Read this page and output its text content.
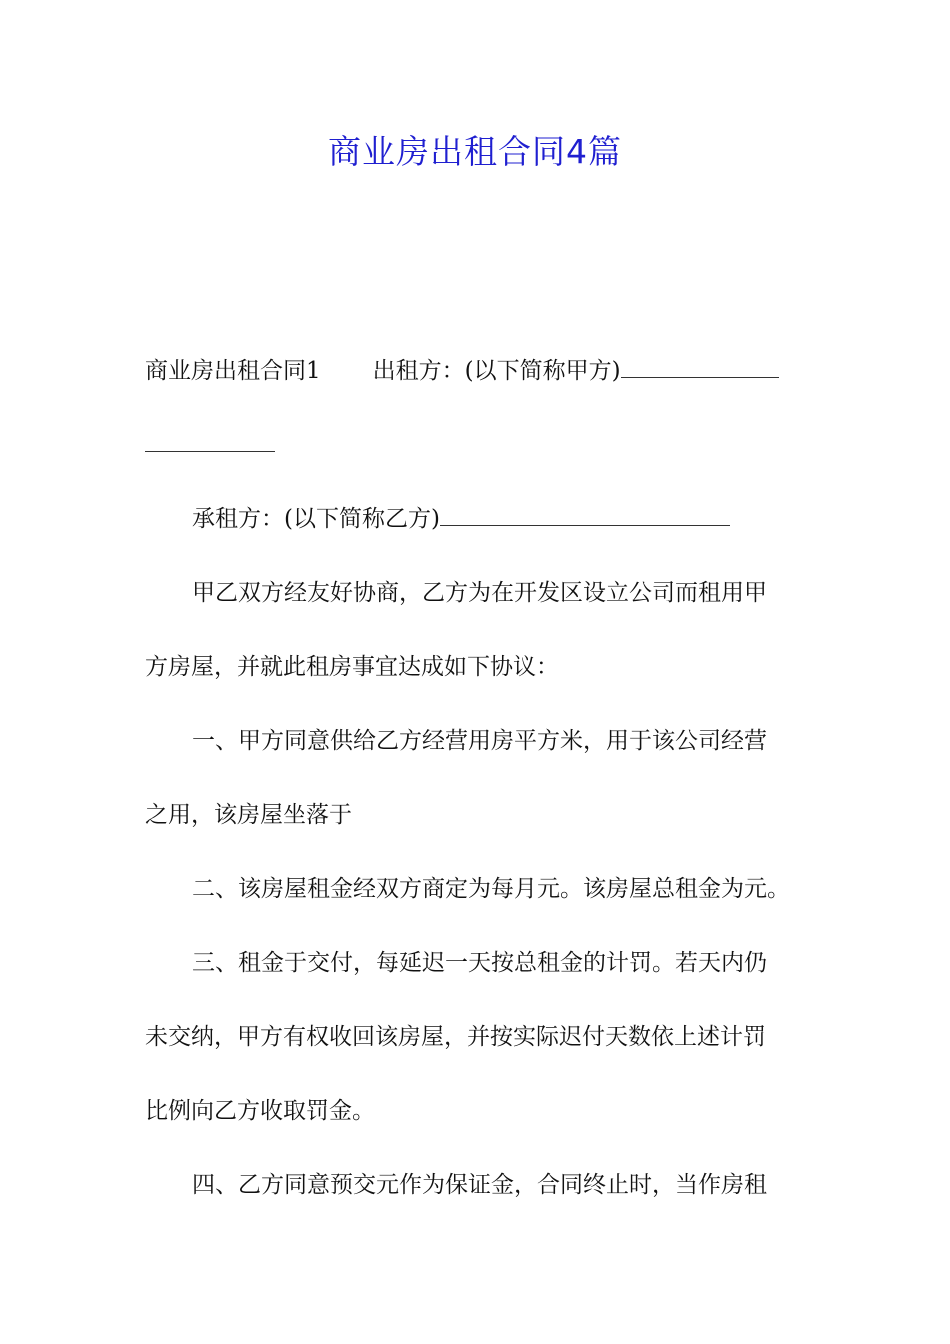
商业房出租合同4篇
商业房出租合同1 出租方：(以下简称甲方)
承租方：(以下简称乙方)
甲乙双方经友好协商，乙方为在开发区设立公司而租用甲
方房屋，并就此租房事宜达成如下协议：
一、甲方同意供给乙方经营用房平方米，用于该公司经营
之用，该房屋坐落于
二、该房屋租金经双方商定为每月元。该房屋总租金为元。
三、租金于交付，每延迟一天按总租金的计罚。若天内仍
未交纳，甲方有权收回该房屋，并按实际迟付天数依上述计罚
比例向乙方收取罚金。
四、乙方同意预交元作为保证金，合同终止时，当作房租
